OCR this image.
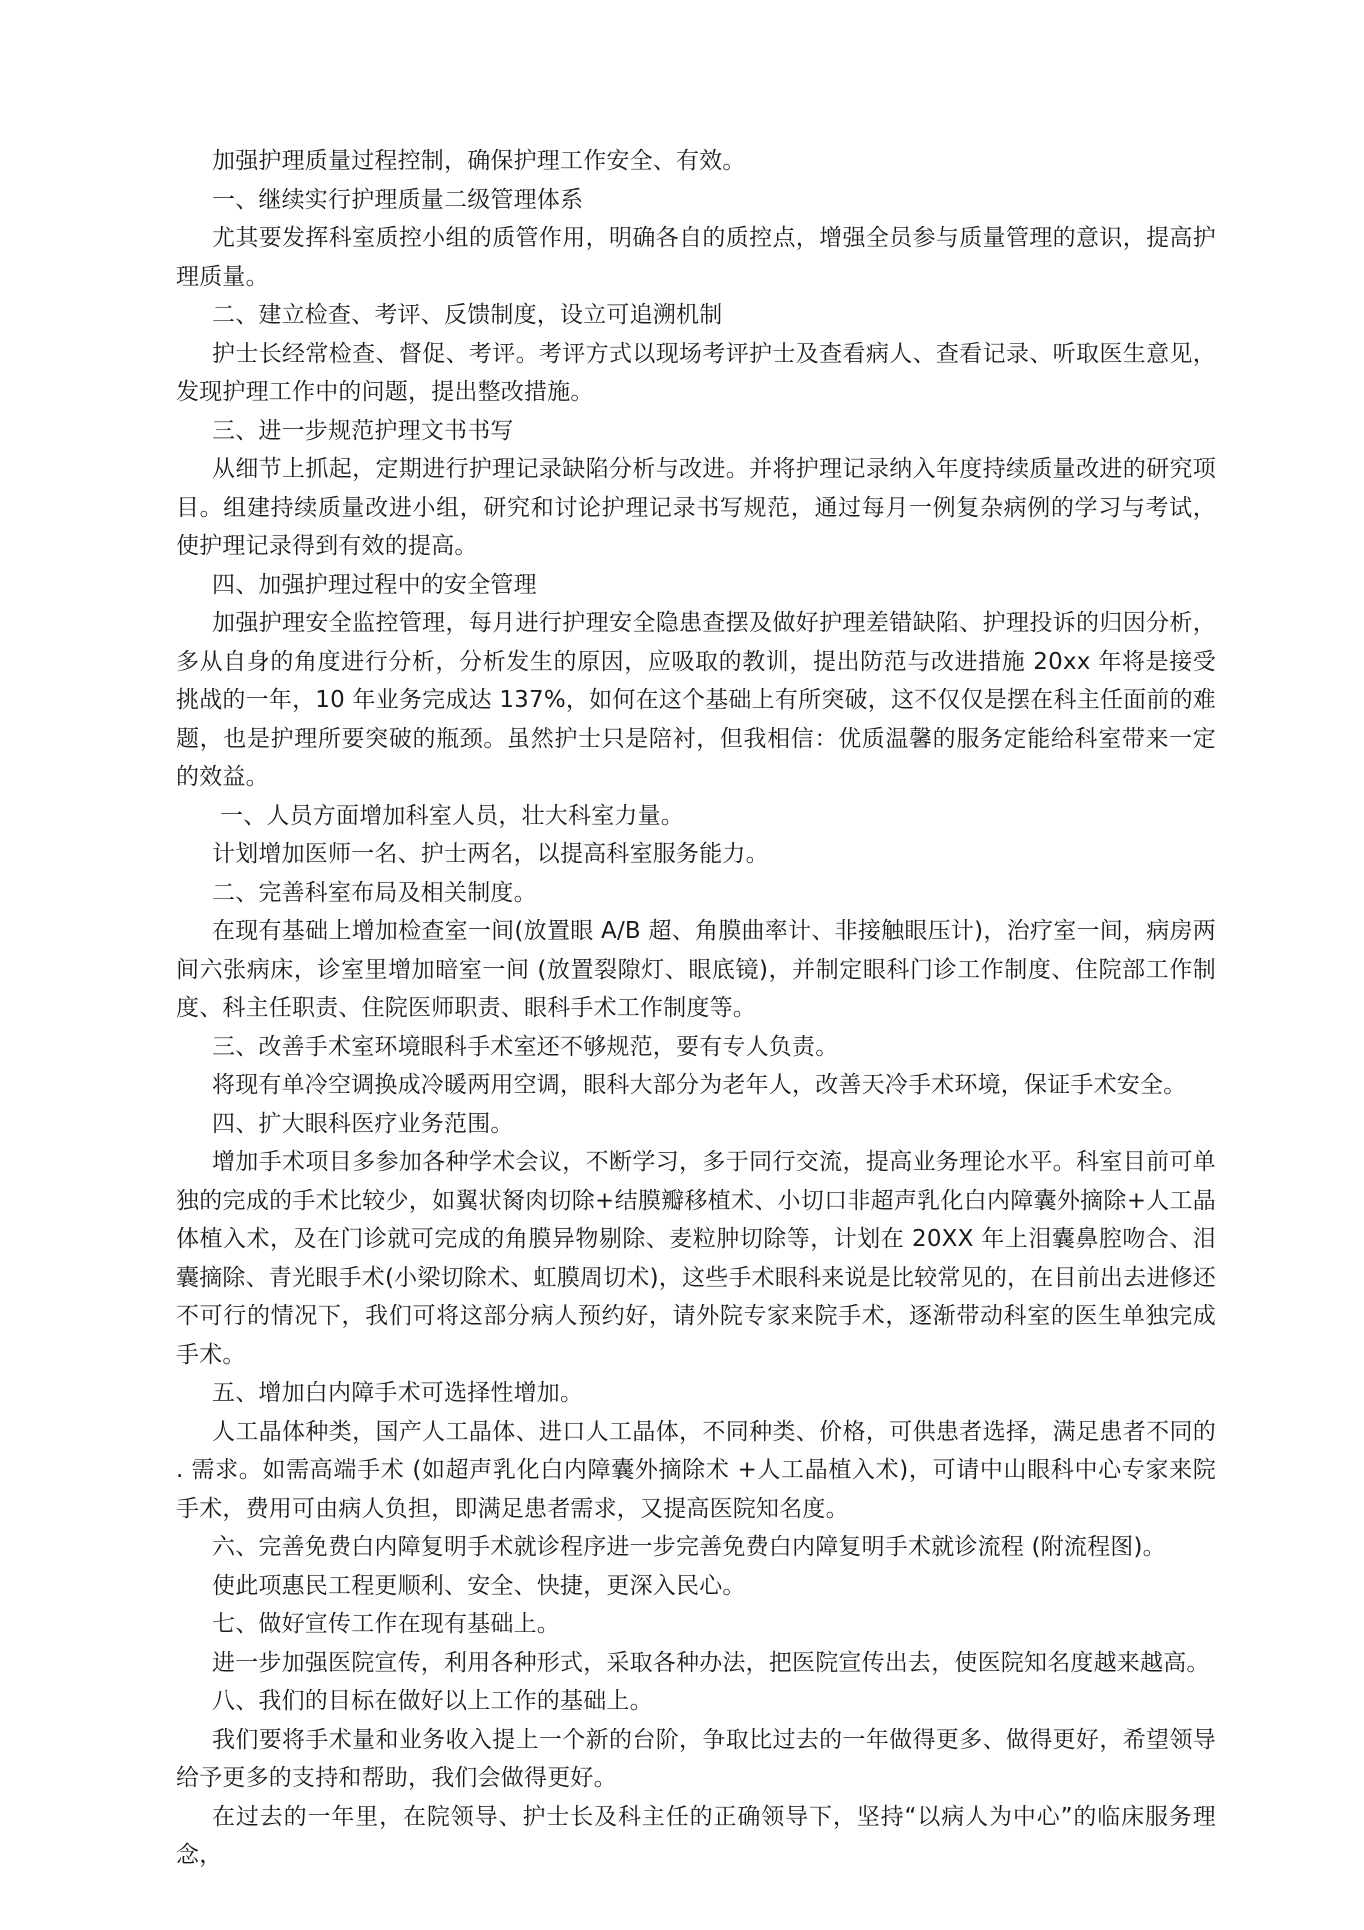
加强护理质量过程控制，确保护理工作安全、有效。

一、继续实行护理质量二级管理体系

尤其要发挥科室质控小组的质管作用，明确各自的质控点，增强全员参与质量管理的意识，提高护理质量。

二、建立检查、考评、反馈制度，设立可追溯机制

护士长经常检查、督促、考评。考评方式以现场考评护士及查看病人、查看记录、听取医生意见，发现护理工作中的问题，提出整改措施。

三、进一步规范护理文书书写

从细节上抓起，定期进行护理记录缺陷分析与改进。并将护理记录纳入年度持续质量改进的研究项目。组建持续质量改进小组，研究和讨论护理记录书写规范，通过每月一例复杂病例的学习与考试，使护理记录得到有效的提高。

四、加强护理过程中的安全管理

加强护理安全监控管理，每月进行护理安全隐患查摆及做好护理差错缺陷、护理投诉的归因分析，多从自身的角度进行分析，分析发生的原因，应吸取的教训，提出防范与改进措施 20xx 年将是接受挑战的一年，10 年业务完成达 137%，如何在这个基础上有所突破，这不仅仅是摆在科主任面前的难题，也是护理所要突破的瓶颈。虽然护士只是陪衬，但我相信：优质温馨的服务定能给科室带来一定的效益。

一、人员方面增加科室人员，壮大科室力量。

计划增加医师一名、护士两名，以提高科室服务能力。

二、完善科室布局及相关制度。

在现有基础上增加检查室一间(放置眼 A/B 超、角膜曲率计、非接触眼压计)，治疗室一间，病房两间六张病床，诊室里增加暗室一间 (放置裂隙灯、眼底镜)，并制定眼科门诊工作制度、住院部工作制度、科主任职责、住院医师职责、眼科手术工作制度等。

三、改善手术室环境眼科手术室还不够规范，要有专人负责。

将现有单冷空调换成冷暖两用空调，眼科大部分为老年人，改善天冷手术环境，保证手术安全。

四、扩大眼科医疗业务范围。

增加手术项目多参加各种学术会议，不断学习，多于同行交流，提高业务理论水平。科室目前可单独的完成的手术比较少，如翼状胬肉切除+结膜瓣移植术、小切口非超声乳化白内障囊外摘除+人工晶体植入术，及在门诊就可完成的角膜异物剔除、麦粒肿切除等，计划在 20XX 年上泪囊鼻腔吻合、泪囊摘除、青光眼手术(小梁切除术、虹膜周切术)，这些手术眼科来说是比较常见的，在目前出去进修还不可行的情况下，我们可将这部分病人预约好，请外院专家来院手术，逐渐带动科室的医生单独完成手术。

五、增加白内障手术可选择性增加。

人工晶体种类，国产人工晶体、进口人工晶体，不同种类、价格，可供患者选择，满足患者不同的 . 需求。如需高端手术 (如超声乳化白内障囊外摘除术 +人工晶植入术)，可请中山眼科中心专家来院手术，费用可由病人负担，即满足患者需求，又提高医院知名度。

六、完善免费白内障复明手术就诊程序进一步完善免费白内障复明手术就诊流程 (附流程图)。

使此项惠民工程更顺利、安全、快捷，更深入民心。

七、做好宣传工作在现有基础上。

进一步加强医院宣传，利用各种形式，采取各种办法，把医院宣传出去，使医院知名度越来越高。

八、我们的目标在做好以上工作的基础上。

我们要将手术量和业务收入提上一个新的台阶，争取比过去的一年做得更多、做得更好，希望领导给予更多的支持和帮助，我们会做得更好。

在过去的一年里，在院领导、护士长及科主任的正确领导下，坚持“以病人为中心”的临床服务理念，
